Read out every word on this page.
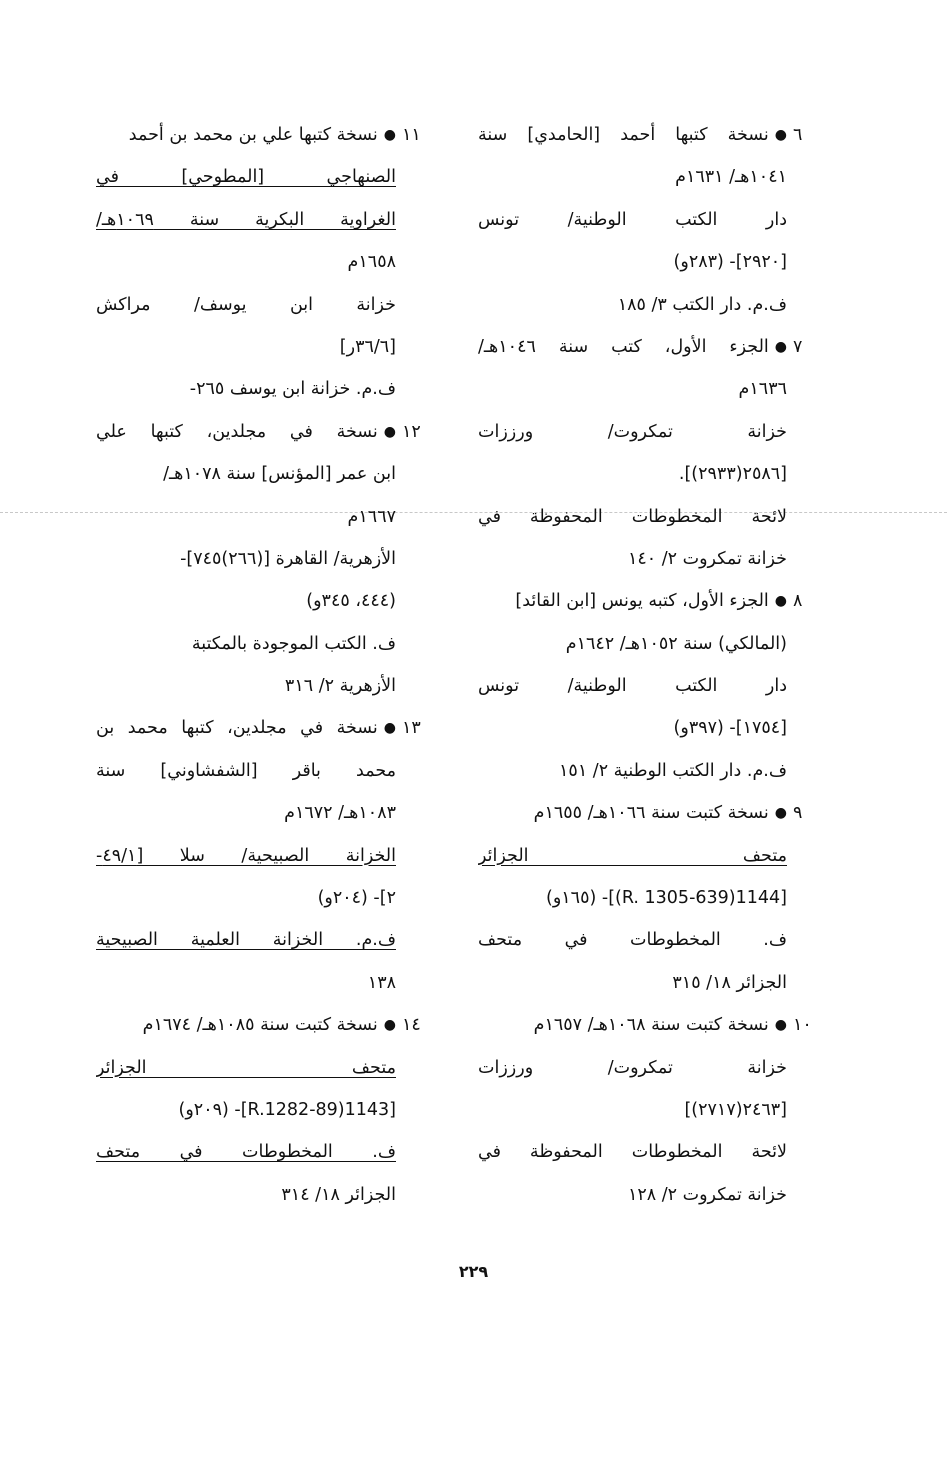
٦
●
نسخة كتبها أحمد [الحامدي] سنة
١٠٤١هـ/ ١٦٣١م
دار الكتب الوطنية/ تونس
[٢٩٢٠]- (٢٨٣و)
ف.م. دار الكتب ٣/ ١٨٥
٧
●
الجزء الأول، كتب سنة ١٠٤٦هـ/
١٦٣٦م
خزانة تمكروت/ ورززات
[٢٥٨٦(٢٩٣٣)].
لائحة المخطوطات المحفوظة في
خزانة تمكروت ٢/ ١٤٠
٨
●
الجزء الأول، كتبه يونس [ابن القائد]
(المالكي) سنة ١٠٥٢هـ/ ١٦٤٢م
دار الكتب الوطنية/ تونس
[١٧٥٤]- (٣٩٧و)
ف.م. دار الكتب الوطنية ٢/ ١٥١
٩
●
نسخة كتبت سنة ١٠٦٦هـ/ ١٦٥٥م
متحف الجزائر
[1144(639-R. 1305)]- (١٦٥و)
ف. المخطوطات في متحف
الجزائر ١٨/ ٣١٥
١٠
●
نسخة كتبت سنة ١٠٦٨هـ/ ١٦٥٧م
خزانة تمكروت/ ورززات
[٢٤٦٣(٢٧١٧)]
لائحة المخطوطات المحفوظة في
خزانة تمكروت ٢/ ١٢٨
١١
●
نسخة كتبها علي بن محمد بن أحمد
الصنهاجي [المطوحي] في
الغراوية البكرية سنة ١٠٦٩هـ/
١٦٥٨م
خزانة ابن يوسف/ مراكش
[٣٦/٦ر]
ف.م. خزانة ابن يوسف ٢٦٥-
١٢
●
نسخة في مجلدين، كتبها علي
ابن عمر [المؤنس] سنة ١٠٧٨هـ/
١٦٦٧م
الأزهرية/ القاهرة [(٢٦٦)٧٤٥]-
(٤٤٤، ٣٤٥و)
ف. الكتب الموجودة بالمكتبة
الأزهرية ٢/ ٣١٦
١٣
●
نسخة في مجلدين، كتبها محمد بن
محمد باقر [الشفشاوني] سنة
١٠٨٣هـ/ ١٦٧٢م
الخزانة الصبيحية/ سلا [٤٩/١-
٢]- (٢٠٤و)
ف.م. الخزانة العلمية الصبيحية
١٣٨
١٤
●
نسخة كتبت سنة ١٠٨٥هـ/ ١٦٧٤م
متحف الجزائر
[1143(89-R.1282]- (٢٠٩و)
ف. المخطوطات في متحف
الجزائر ١٨/ ٣١٤
٢٢٩
